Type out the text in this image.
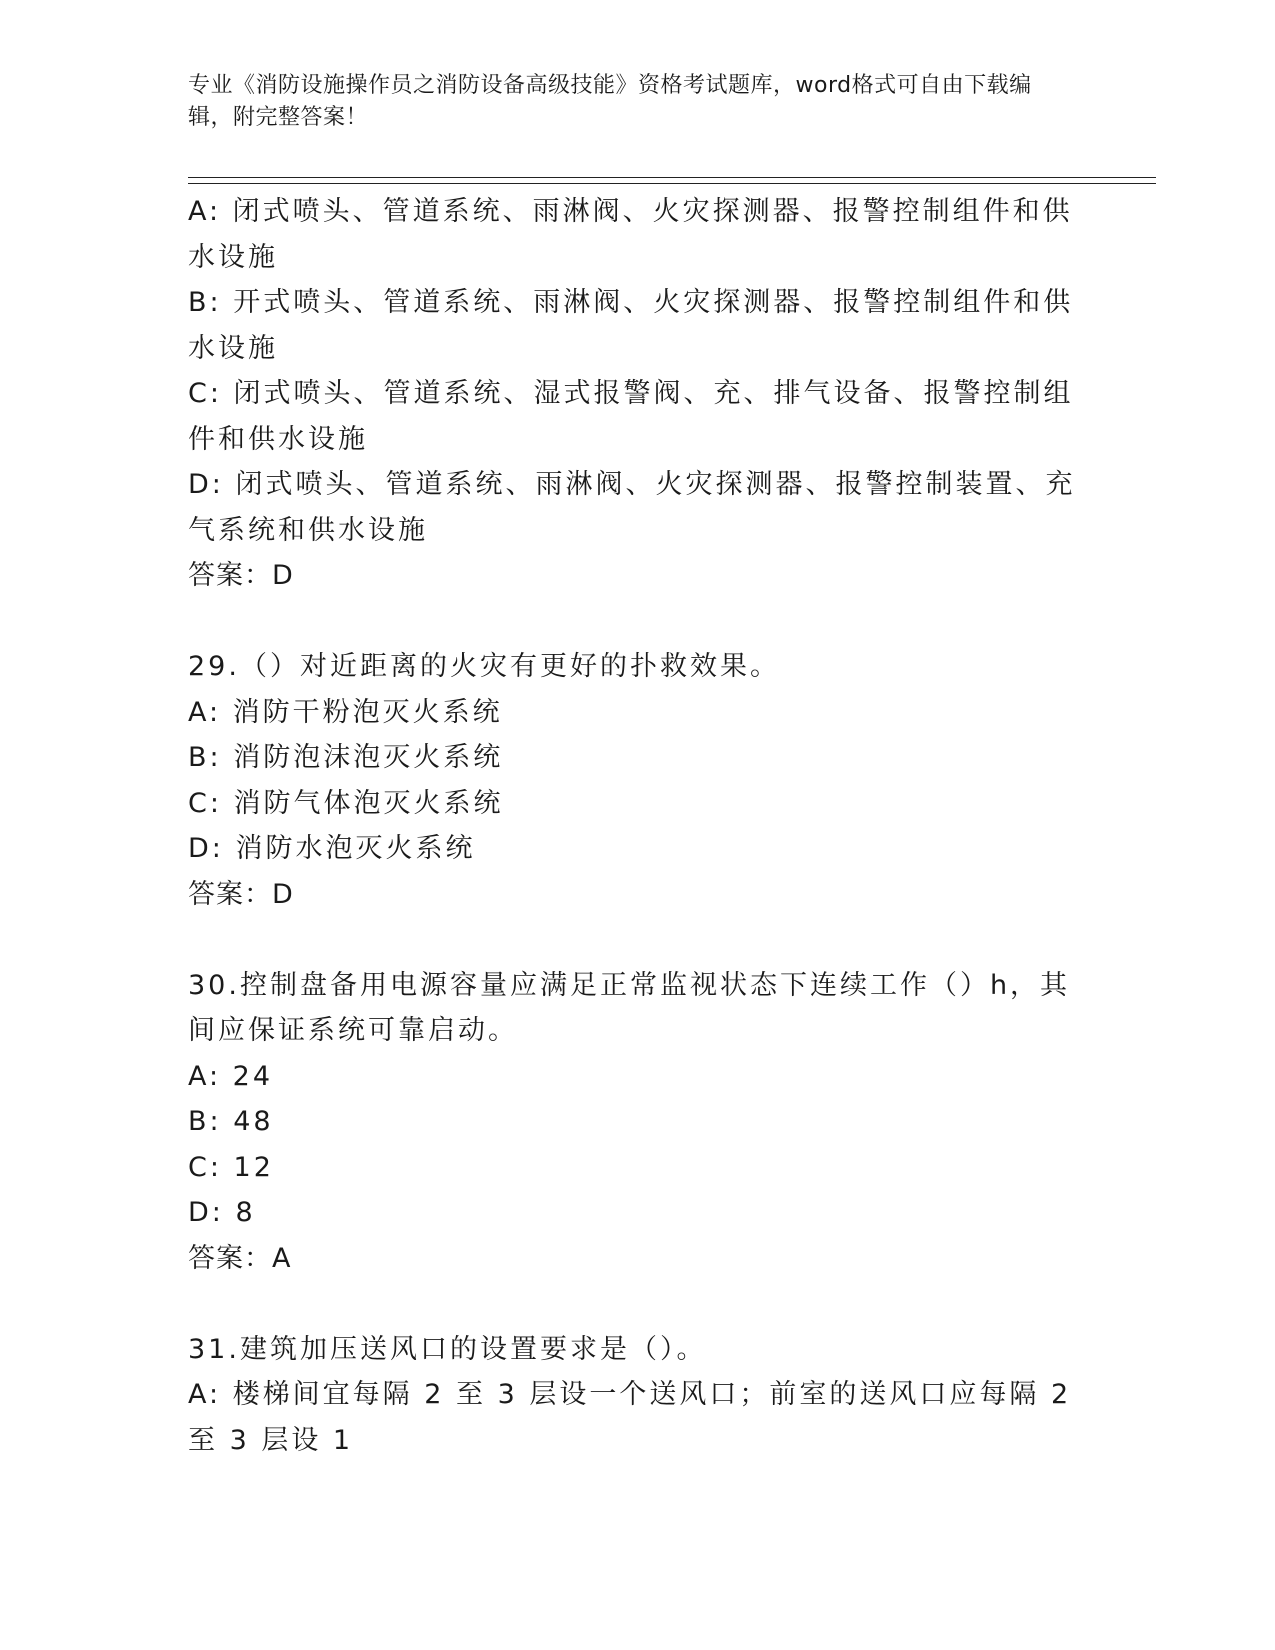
专业《消防设施操作员之消防设备高级技能》资格考试题库，word格式可自由下载编辑，附完整答案！
A: 闭式喷头、管道系统、雨淋阀、火灾探测器、报警控制组件和供水设施
B: 开式喷头、管道系统、雨淋阀、火灾探测器、报警控制组件和供水设施
C: 闭式喷头、管道系统、湿式报警阀、充、排气设备、报警控制组件和供水设施
D: 闭式喷头、管道系统、雨淋阀、火灾探测器、报警控制装置、充气系统和供水设施
答案：D
29.（）对近距离的火灾有更好的扑救效果。
A: 消防干粉泡灭火系统
B: 消防泡沫泡灭火系统
C: 消防气体泡灭火系统
D: 消防水泡灭火系统
答案：D
30.控制盘备用电源容量应满足正常监视状态下连续工作（）h，其间应保证系统可靠启动。
A: 24
B: 48
C: 12
D: 8
答案：A
31.建筑加压送风口的设置要求是（）。
A: 楼梯间宜每隔 2 至 3 层设一个送风口；前室的送风口应每隔 2 至 3 层设 1
